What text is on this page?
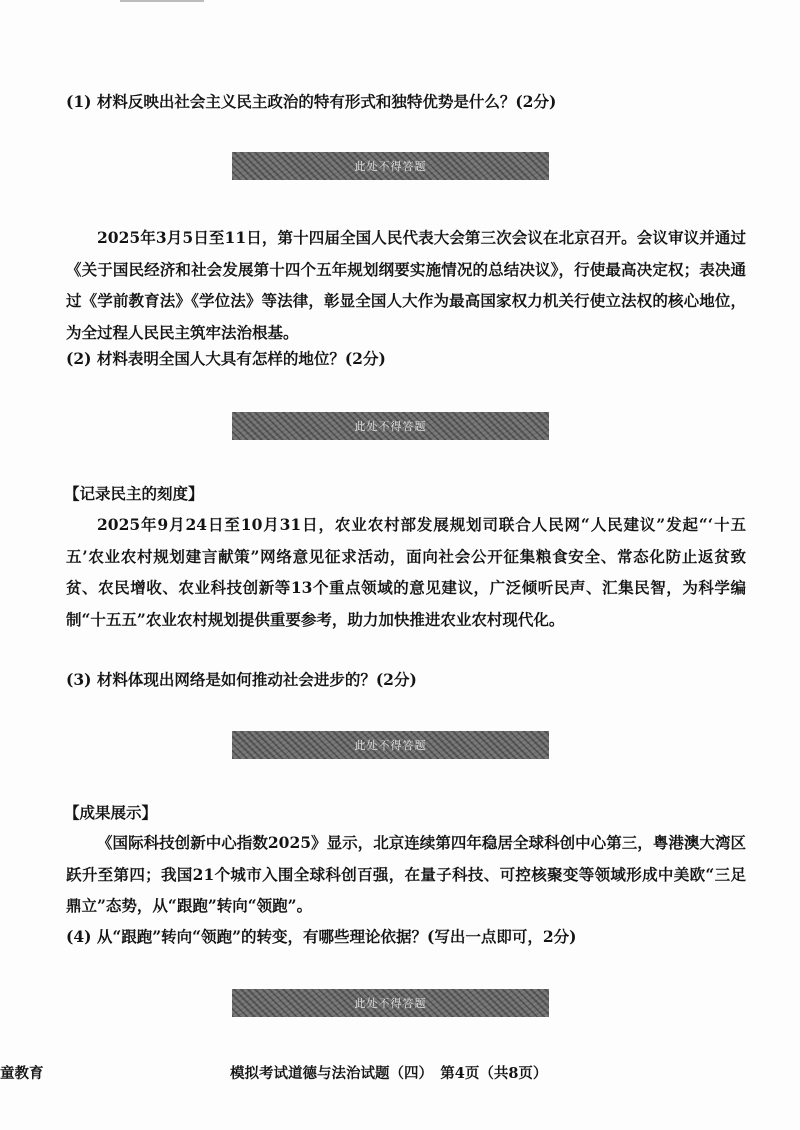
(1) 材料反映出社会主义民主政治的特有形式和独特优势是什么？(2分)
此处不得答题
2025年3月5日至11日，第十四届全国人民代表大会第三次会议在北京召开。会议审议并通过《关于国民经济和社会发展第十四个五年规划纲要实施情况的总结决议》，行使最高决定权；表决通过《学前教育法》《学位法》等法律，彰显全国人大作为最高国家权力机关行使立法权的核心地位，为全过程人民民主筑牢法治根基。
(2) 材料表明全国人大具有怎样的地位？(2分)
此处不得答题
【记录民主的刻度】
2025年9月24日至10月31日，农业农村部发展规划司联合人民网“人民建议”发起“‘十五五’农业农村规划建言献策”网络意见征求活动，面向社会公开征集粮食安全、常态化防止返贫致贫、农民增收、农业科技创新等13个重点领域的意见建议，广泛倾听民声、汇集民智，为科学编制“十五五”农业农村规划提供重要参考，助力加快推进农业农村现代化。
(3) 材料体现出网络是如何推动社会进步的？(2分)
此处不得答题
【成果展示】
《国际科技创新中心指数2025》显示，北京连续第四年稳居全球科创中心第三，粤港澳大湾区跃升至第四；我国21个城市入围全球科创百强，在量子科技、可控核聚变等领域形成中美欧“三足鼎立”态势，从“跟跑”转向“领跑”。
(4) 从“跟跑”转向“领跑”的转变，有哪些理论依据？(写出一点即可，2分)
此处不得答题
童教育	模拟考试道德与法治试题（四）　第4页（共8页）
